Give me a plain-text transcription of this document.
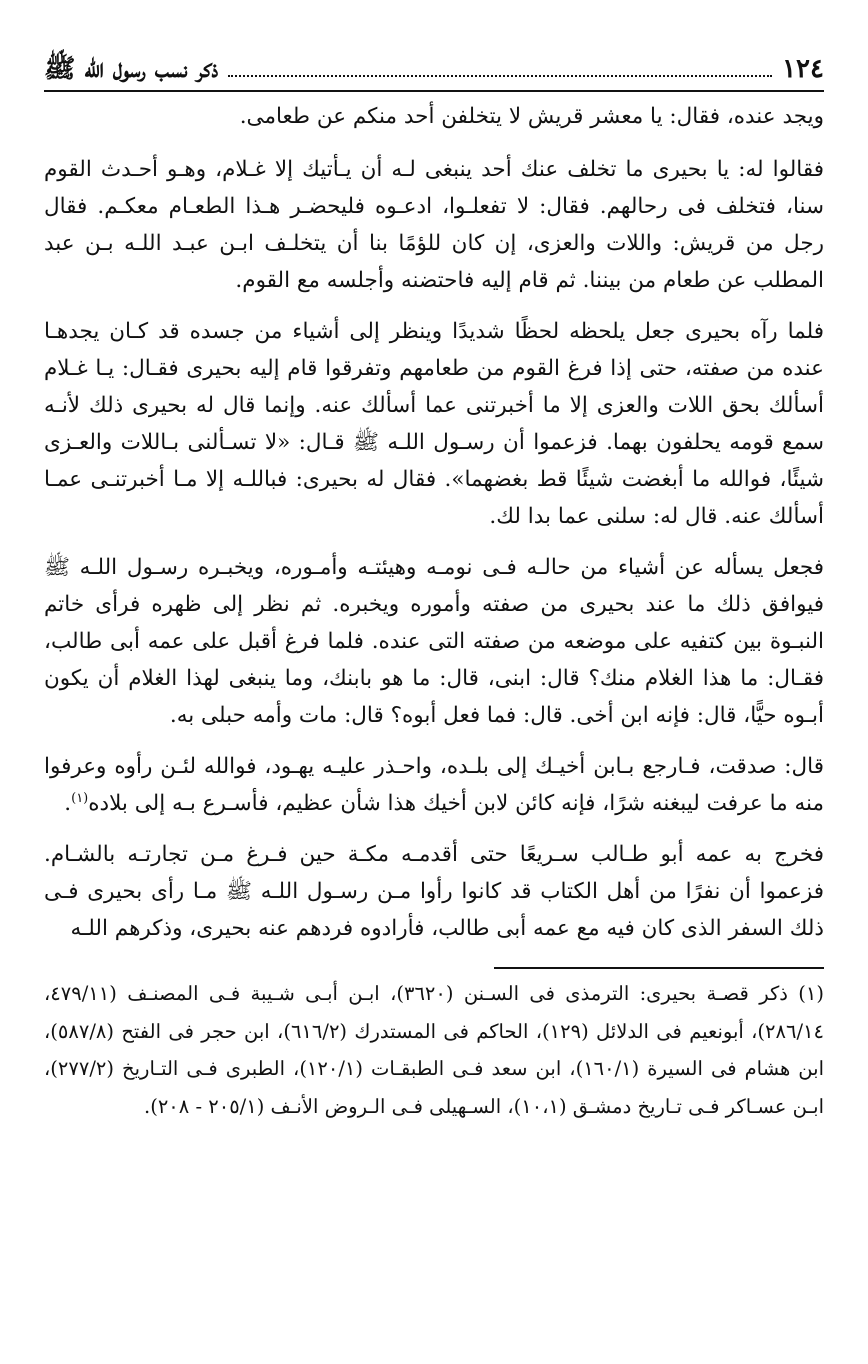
١٢٤
ذكر نسب رسول الله ﷺ

ويجد عنده، فقال: يا معشر قريش لا يتخلفن أحد منكم عن طعامى.

فقالوا له: يا بحيرى ما تخلف عنك أحد ينبغى لـه أن يـأتيك إلا غـلام، وهـو أحـدث القوم سنا، فتخلف فى رحالهم. فقال: لا تفعلـوا، ادعـوه فليحضـر هـذا الطعـام معكـم. فقال رجل من قريش: واللات والعزى، إن كان للؤمًا بنا أن يتخلـف ابـن عبـد اللـه بـن عبد المطلب عن طعام من بيننا. ثم قام إليه فاحتضنه وأجلسه مع القوم.

فلما رآه بحيرى جعل يلحظه لحظًا شديدًا وينظر إلى أشياء من جسده قد كـان يجدهـا عنده من صفته، حتى إذا فرغ القوم من طعامهم وتفرقوا قام إليه بحيرى فقـال: يـا غـلام أسألك بحق اللات والعزى إلا ما أخبرتنى عما أسألك عنه. وإنما قال له بحيرى ذلك لأنـه سمع قومه يحلفون بهما. فزعموا أن رسـول اللـه ﷺ قـال: «لا تسـألنى بـاللات والعـزى شيئًا، فوالله ما أبغضت شيئًا قط بغضهما». فقال له بحيرى: فباللـه إلا مـا أخبرتنـى عمـا أسألك عنه. قال له: سلنى عما بدا لك.

فجعل يسأله عن أشياء من حالـه فـى نومـه وهيئتـه وأمـوره، ويخبـره رسـول اللـه ﷺ فيوافق ذلك ما عند بحيرى من صفته وأموره ويخبره. ثم نظر إلى ظهره فرأى خاتم النبـوة بين كتفيه على موضعه من صفته التى عنده. فلما فرغ أقبل على عمه أبى طالب، فقـال: ما هذا الغلام منك؟ قال: ابنى، قال: ما هو بابنك، وما ينبغى لهذا الغلام أن يكون أبـوه حيًّا، قال: فإنه ابن أخى. قال: فما فعل أبوه؟ قال: مات وأمه حبلى به.

قال: صدقت، فـارجع بـابن أخيـك إلى بلـده، واحـذر عليـه يهـود، فوالله لئـن رأوه وعرفوا منه ما عرفت ليبغنه شرًا، فإنه كائن لابن أخيك هذا شأن عظيم، فأسـرع بـه إلى بلاده$^{(١)}$.

فخرج به عمه أبو طـالب سـريعًا حتى أقدمـه مكـة حين فـرغ مـن تجارتـه بالشـام. فزعموا أن نفرًا من أهل الكتاب قد كانوا رأوا مـن رسـول اللـه ﷺ مـا رأى بحيرى فـى ذلك السفر الذى كان فيه مع عمه أبى طالب، فأرادوه فردهم عنه بحيرى، وذكرهم اللـه

(١) ذكر قصـة بحيرى: الترمذى فى السـنن (٣٦٢٠)، ابـن أبـى شـيبة فـى المصنـف (٤٧٩/١١، ٢٨٦/١٤)، أبونعيم فى الدلائل (١٢٩)، الحاكم فى المستدرك (٦١٦/٢)، ابن حجر فى الفتح (٥٨٧/٨)، ابن هشام فى السيرة (١٦٠/١)، ابن سعد فـى الطبقـات (١٢٠/١)، الطبرى فـى التـاريخ (٢٧٧/٢)، ابـن عسـاكر فـى تـاريخ دمشـق (١٠،١)، السـهيلى فـى الـروض الأنـف (٢٠٥/١ - ٢٠٨).
